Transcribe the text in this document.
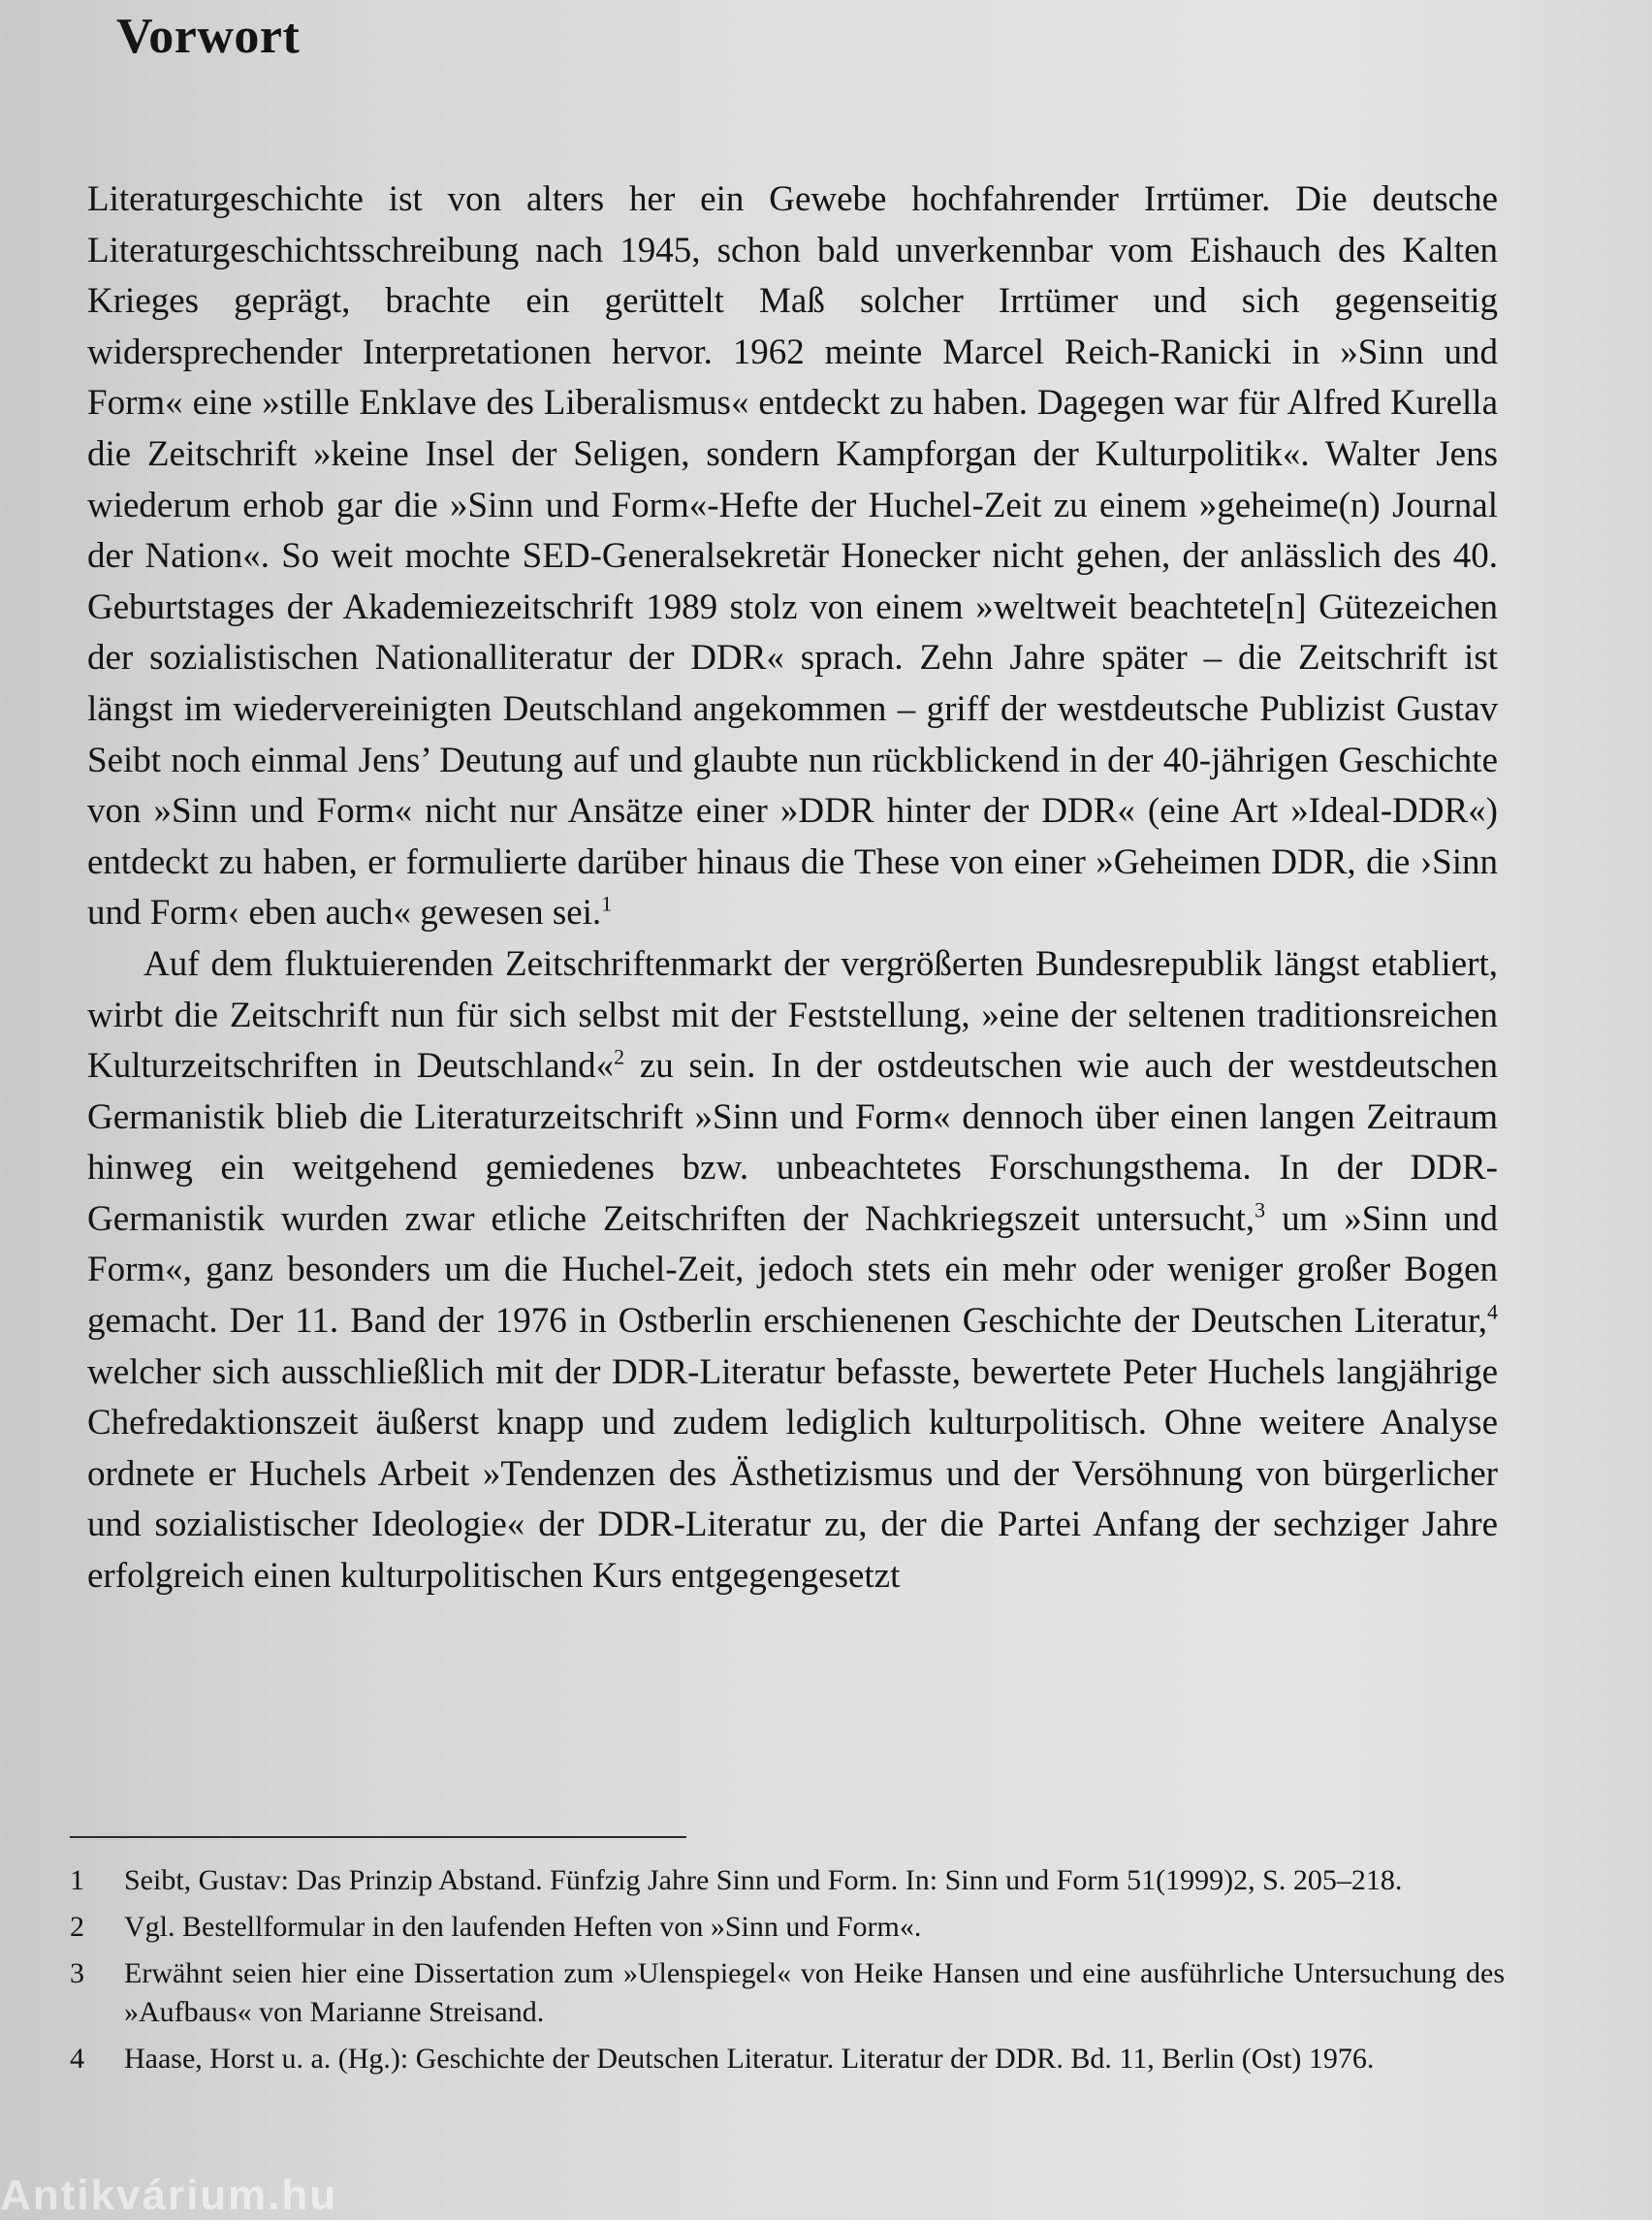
Vorwort

Literaturgeschichte ist von alters her ein Gewebe hochfahrender Irrtümer. Die deutsche Literaturgeschichtsschreibung nach 1945, schon bald unverkennbar vom Eishauch des Kalten Krieges geprägt, brachte ein gerüttelt Maß solcher Irrtümer und sich gegenseitig widersprechender Interpretationen hervor. 1962 meinte Marcel Reich-Ranicki in »Sinn und Form« eine »stille Enklave des Liberalismus« entdeckt zu haben. Dagegen war für Alfred Kurella die Zeitschrift »keine Insel der Seligen, sondern Kampforgan der Kulturpolitik«. Walter Jens wiederum erhob gar die »Sinn und Form«-Hefte der Huchel-Zeit zu einem »geheime(n) Journal der Nation«. So weit mochte SED-Generalsekretär Honecker nicht gehen, der anlässlich des 40. Geburtstages der Akademiezeitschrift 1989 stolz von einem »weltweit beachtete[n] Gütezeichen der sozialistischen Nationalliteratur der DDR« sprach. Zehn Jahre später – die Zeitschrift ist längst im wiedervereinigten Deutschland angekommen – griff der westdeutsche Publizist Gustav Seibt noch einmal Jens’ Deutung auf und glaubte nun rückblickend in der 40-jährigen Geschichte von »Sinn und Form« nicht nur Ansätze einer »DDR hinter der DDR« (eine Art »Ideal-DDR«) entdeckt zu haben, er formulierte darüber hinaus die These von einer »Geheimen DDR, die ›Sinn und Form‹ eben auch« gewesen sei.$^1$

Auf dem fluktuierenden Zeitschriftenmarkt der vergrößerten Bundesrepublik längst etabliert, wirbt die Zeitschrift nun für sich selbst mit der Feststellung, »eine der seltenen traditionsreichen Kulturzeitschriften in Deutschland«$^2$ zu sein. In der ostdeutschen wie auch der westdeutschen Germanistik blieb die Literaturzeitschrift »Sinn und Form« dennoch über einen langen Zeitraum hinweg ein weitgehend gemiedenes bzw. unbeachtetes Forschungsthema. In der DDR-Germanistik wurden zwar etliche Zeitschriften der Nachkriegszeit untersucht,$^3$ um »Sinn und Form«, ganz besonders um die Huchel-Zeit, jedoch stets ein mehr oder weniger großer Bogen gemacht. Der 11. Band der 1976 in Ostberlin erschienenen Geschichte der Deutschen Literatur,$^4$ welcher sich ausschließlich mit der DDR-Literatur befasste, bewertete Peter Huchels langjährige Chefredaktionszeit äußerst knapp und zudem lediglich kulturpolitisch. Ohne weitere Analyse ordnete er Huchels Arbeit »Tendenzen des Ästhetizismus und der Versöhnung von bürgerlicher und sozialistischer Ideologie« der DDR-Literatur zu, der die Partei Anfang der sechziger Jahre erfolgreich einen kulturpolitischen Kurs entgegengesetzt

1	Seibt, Gustav: Das Prinzip Abstand. Fünfzig Jahre Sinn und Form. In: Sinn und Form 51(1999)2, S. 205–218.
2	Vgl. Bestellformular in den laufenden Heften von »Sinn und Form«.
3	Erwähnt seien hier eine Dissertation zum »Ulenspiegel« von Heike Hansen und eine ausführliche Untersuchung des »Aufbaus« von Marianne Streisand.
4	Haase, Horst u. a. (Hg.): Geschichte der Deutschen Literatur. Literatur der DDR. Bd. 11, Berlin (Ost) 1976.
Antikvárium.hu
